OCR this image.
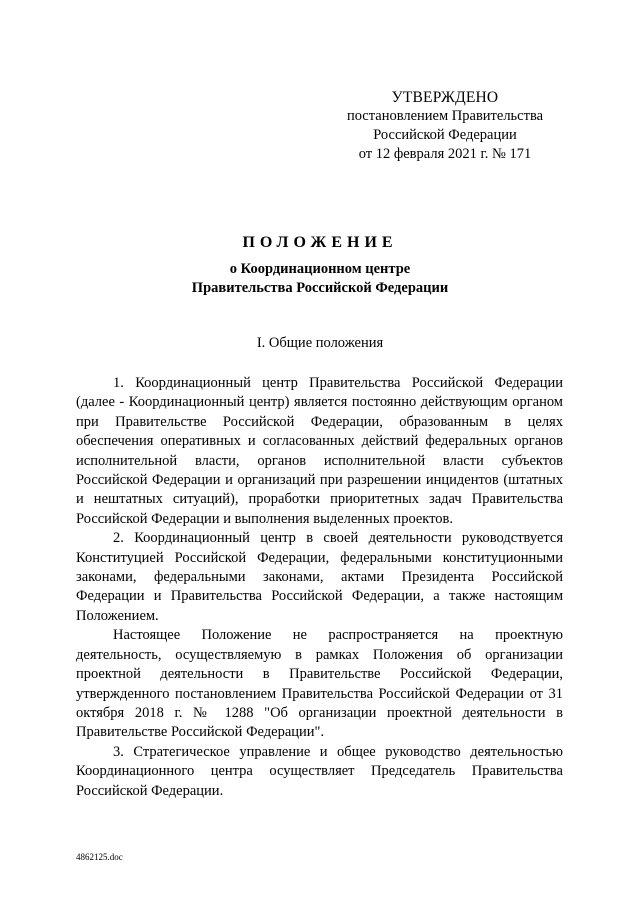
УТВЕРЖДЕНО
постановлением Правительства
Российской Федерации
от 12 февраля 2021 г. № 171
ПОЛОЖЕНИЕ
о Координационном центре
Правительства Российской Федерации
I. Общие положения

1. Координационный центр Правительства Российской Федерации (далее - Координационный центр) является постоянно действующим органом при Правительстве Российской Федерации, образованным в целях обеспечения оперативных и согласованных действий федеральных органов исполнительной власти, органов исполнительной власти субъектов Российской Федерации и организаций при разрешении инцидентов (штатных и нештатных ситуаций), проработки приоритетных задач Правительства Российской Федерации и выполнения выделенных проектов.

2. Координационный центр в своей деятельности руководствуется Конституцией Российской Федерации, федеральными конституционными законами, федеральными законами, актами Президента Российской Федерации и Правительства Российской Федерации, а также настоящим Положением.

Настоящее Положение не распространяется на проектную деятельность, осуществляемую в рамках Положения об организации проектной деятельности в Правительстве Российской Федерации, утвержденного постановлением Правительства Российской Федерации от 31 октября 2018 г. № 1288 "Об организации проектной деятельности в Правительстве Российской Федерации".

3. Стратегическое управление и общее руководство деятельностью Координационного центра осуществляет Председатель Правительства Российской Федерации.

4862125.doc
